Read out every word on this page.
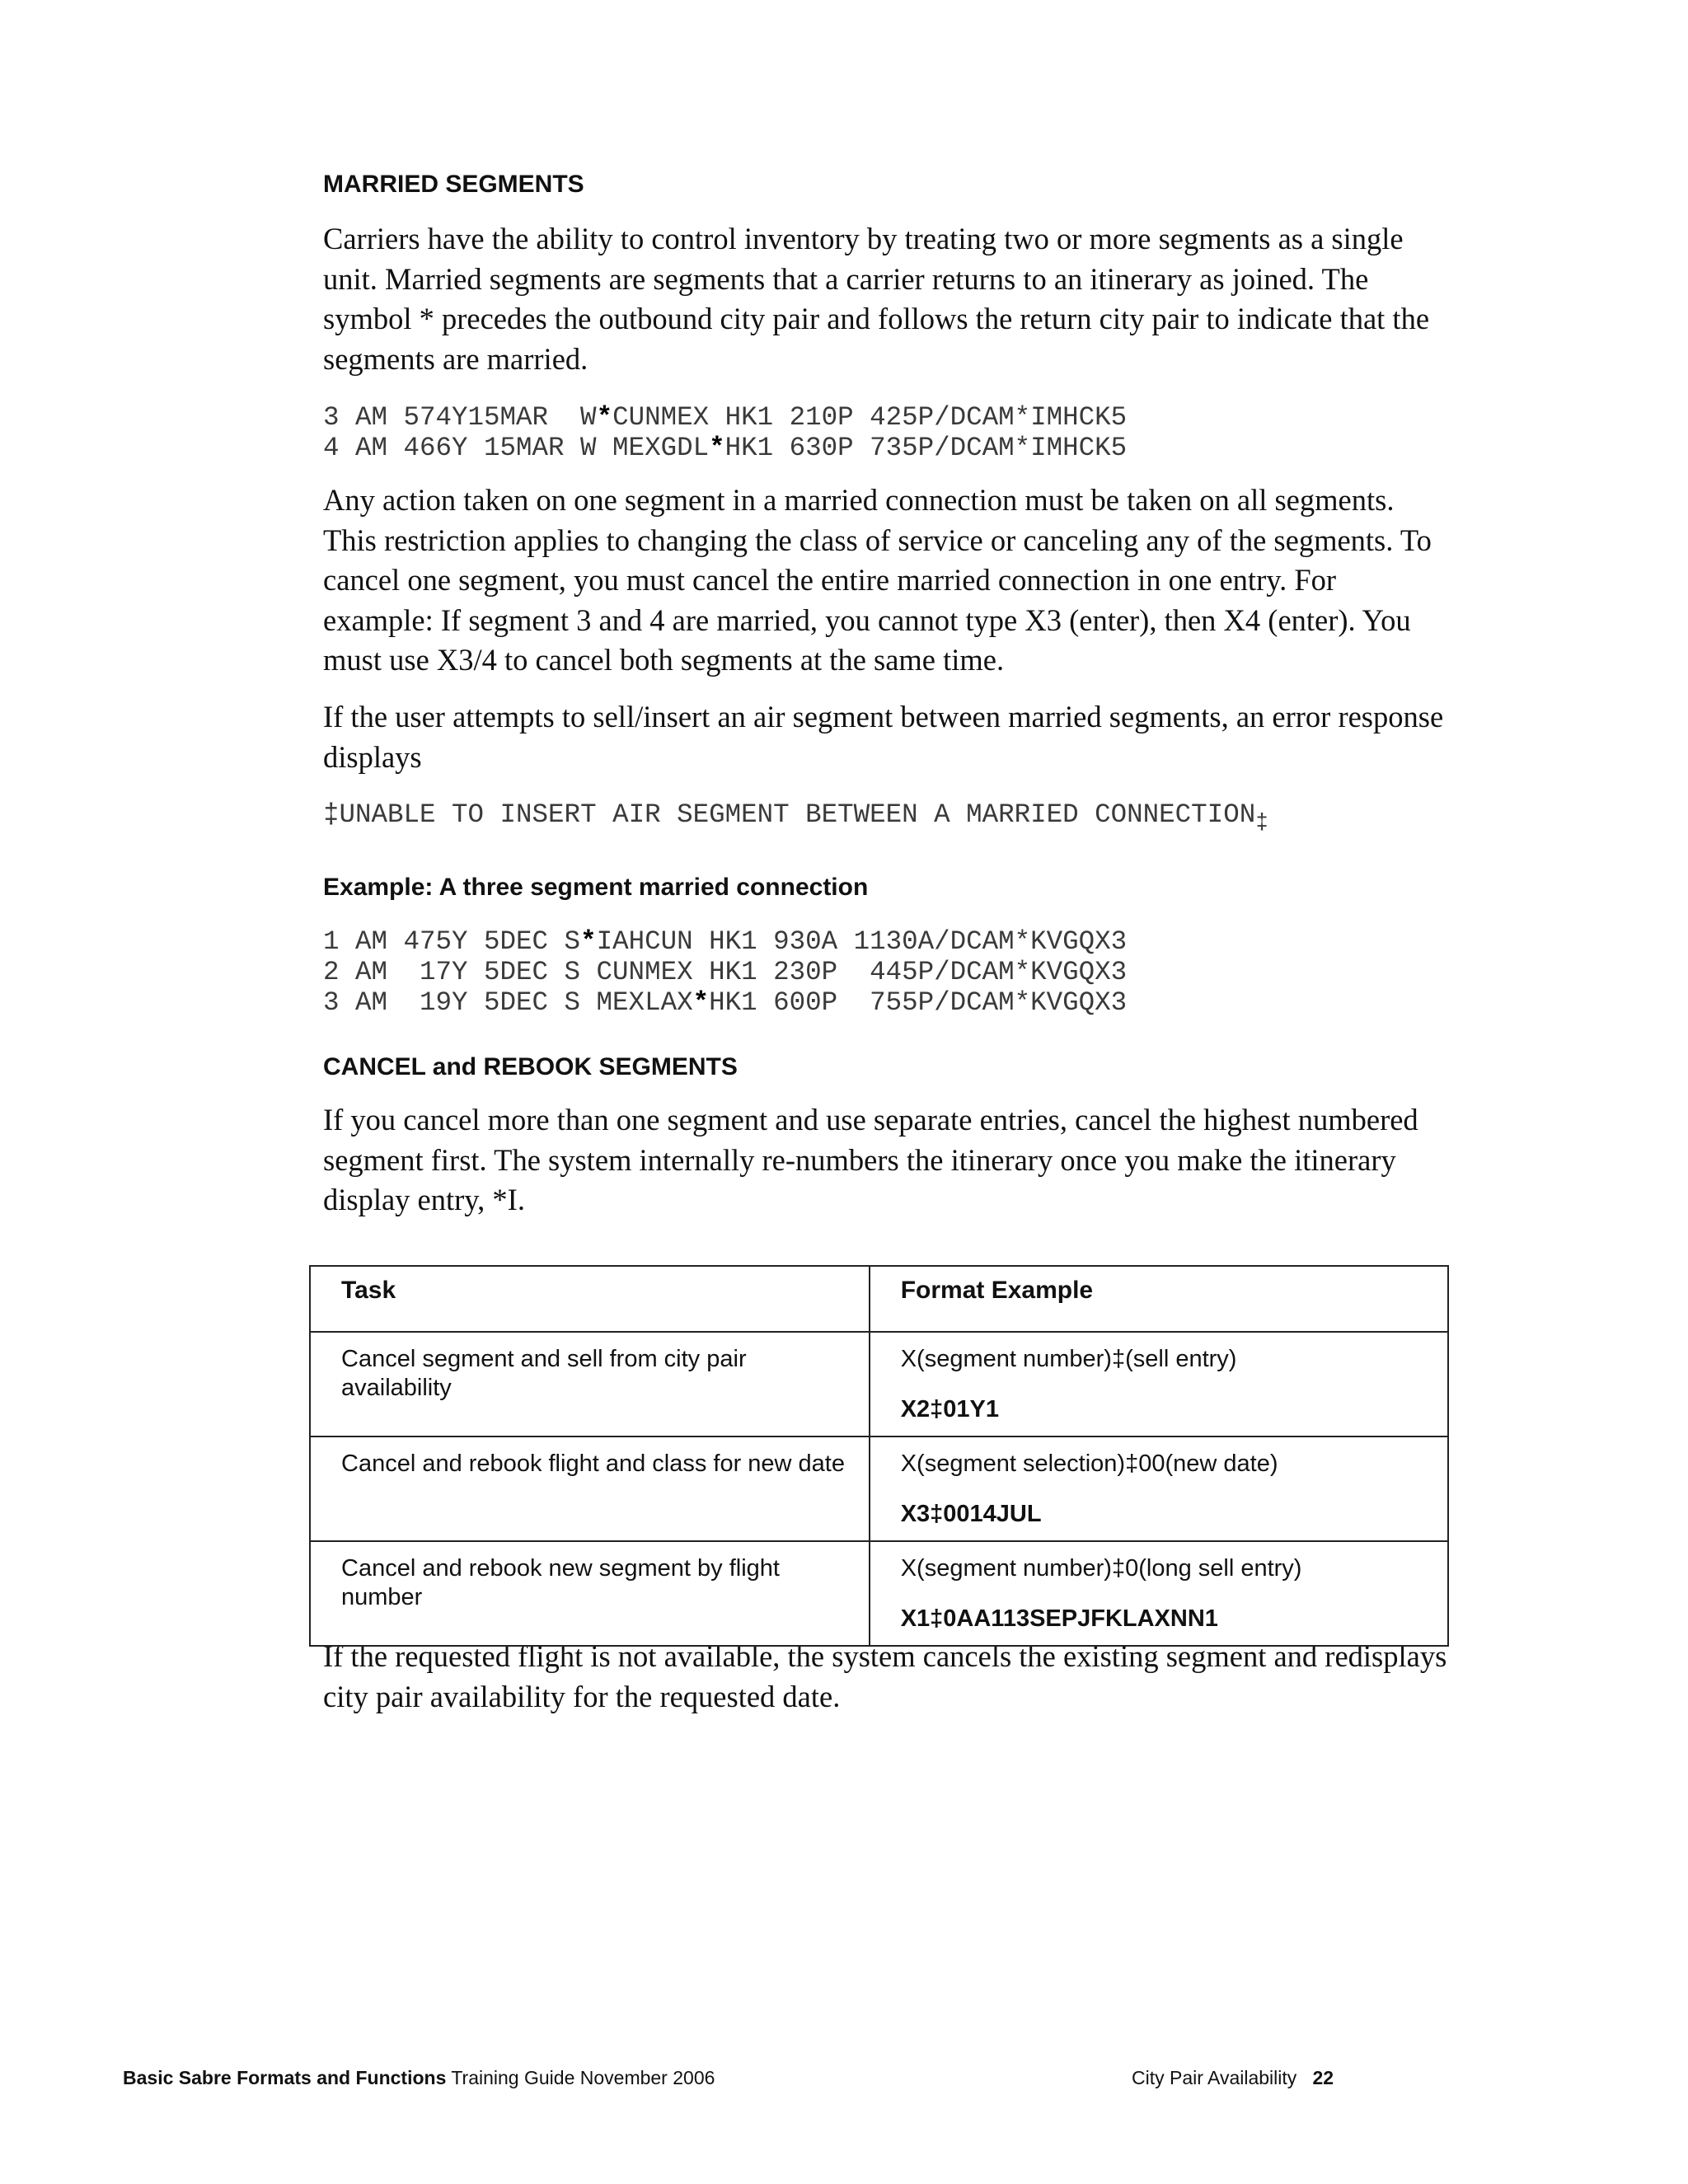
MARRIED SEGMENTS

Carriers have the ability to control inventory by treating two or more segments as a single

unit. Married segments are segments that a carrier returns to an itinerary as joined. The

symbol * precedes the outbound city pair and follows the return city pair to indicate that the

segments are married.

3 AM 574Y15MAR  W*CUNMEX HK1 210P 425P/DCAM*IMHCK5
4 AM 466Y 15MAR W MEXGDL*HK1 630P 735P/DCAM*IMHCK5

Any action taken on one segment in a married connection must be taken on all segments.

This restriction applies to changing the class of service or canceling any of the segments. To

cancel one segment, you must cancel the entire married connection in one entry. For

example: If segment 3 and 4 are married, you cannot type X3 (enter), then X4 (enter). You

must use X3/4 to cancel both segments at the same time.

If the user attempts to sell/insert an air segment between married segments, an error response

displays

‡UNABLE TO INSERT AIR SEGMENT BETWEEN A MARRIED $CONNECTION_\ddagger$
Example: A three segment married connection
1 AM 475Y 5DEC S*IAHCUN HK1 930A 1130A/DCAM*KVGQX3
2 AM  17Y 5DEC S CUNMEX HK1 230P  445P/DCAM*KVGQX3
3 AM  19Y 5DEC S MEXLAX*HK1 600P  755P/DCAM*KVGQX3
CANCEL and REBOOK SEGMENTS

If you cancel more than one segment and use separate entries, cancel the highest numbered

segment first. The system internally re-numbers the itinerary once you make the itinerary

display entry, *I.

If the requested flight is not available, the system cancels the existing segment and redisplays

city pair availability for the requested date.

Task	Format Example
Cancel segment and sell from city pair availability	X(segment number)‡(sell entry)
X2‡01Y1

Cancel and rebook flight and class for new date	X(segment selection)‡00(new date)
X3‡0014JUL

Cancel and rebook new segment by flight number	X(segment number)‡0(long sell entry)
X1‡0AA113SEPJFKLAXNN1
Basic Sabre Formats and Functions Training Guide November 2006	City Pair Availability 22
